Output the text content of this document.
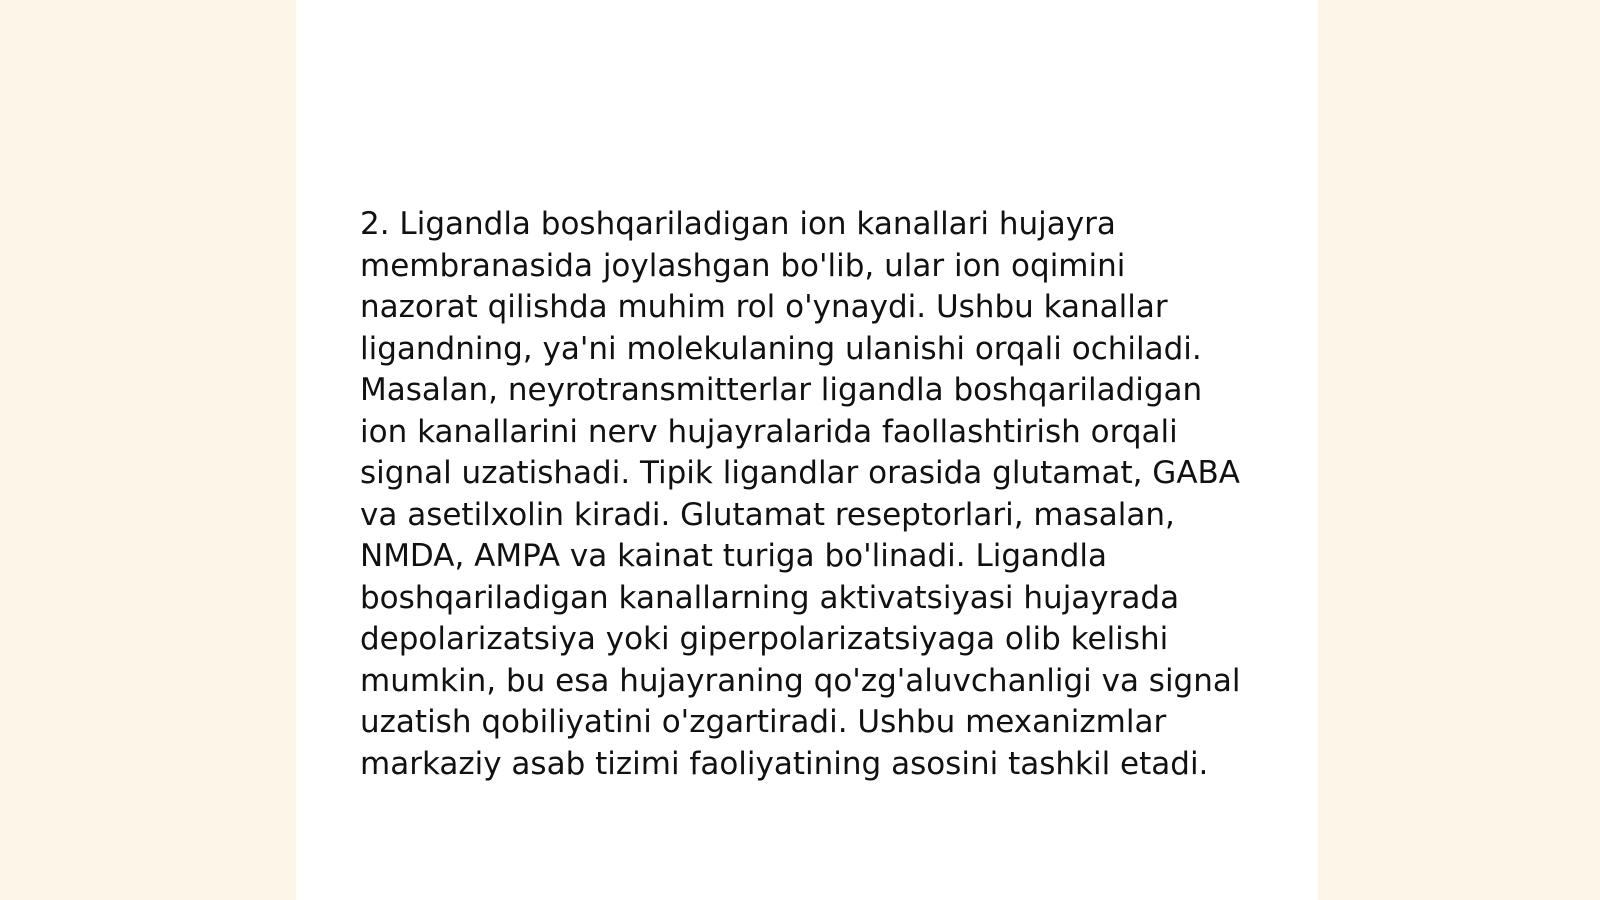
2. Ligandla boshqariladigan ion kanallari hujayra membranasida joylashgan bo'lib, ular ion oqimini nazorat qilishda muhim rol o'ynaydi. Ushbu kanallar ligandning, ya'ni molekulaning ulanishi orqali ochiladi. Masalan, neyrotransmitterlar ligandla boshqariladigan ion kanallarini nerv hujayralarida faollashtirish orqali signal uzatishadi. Tipik ligandlar orasida glutamat, GABA va asetilxolin kiradi. Glutamat reseptorlari, masalan, NMDA, AMPA va kainat turiga bo'linadi. Ligandla boshqariladigan kanallarning aktivatsiyasi hujayrada depolarizatsiya yoki giperpolarizatsiyaga olib kelishi mumkin, bu esa hujayraning qo'zg'aluvchanligi va signal uzatish qobiliyatini o'zgartiradi. Ushbu mexanizmlar markaziy asab tizimi faoliyatining asosini tashkil etadi.
